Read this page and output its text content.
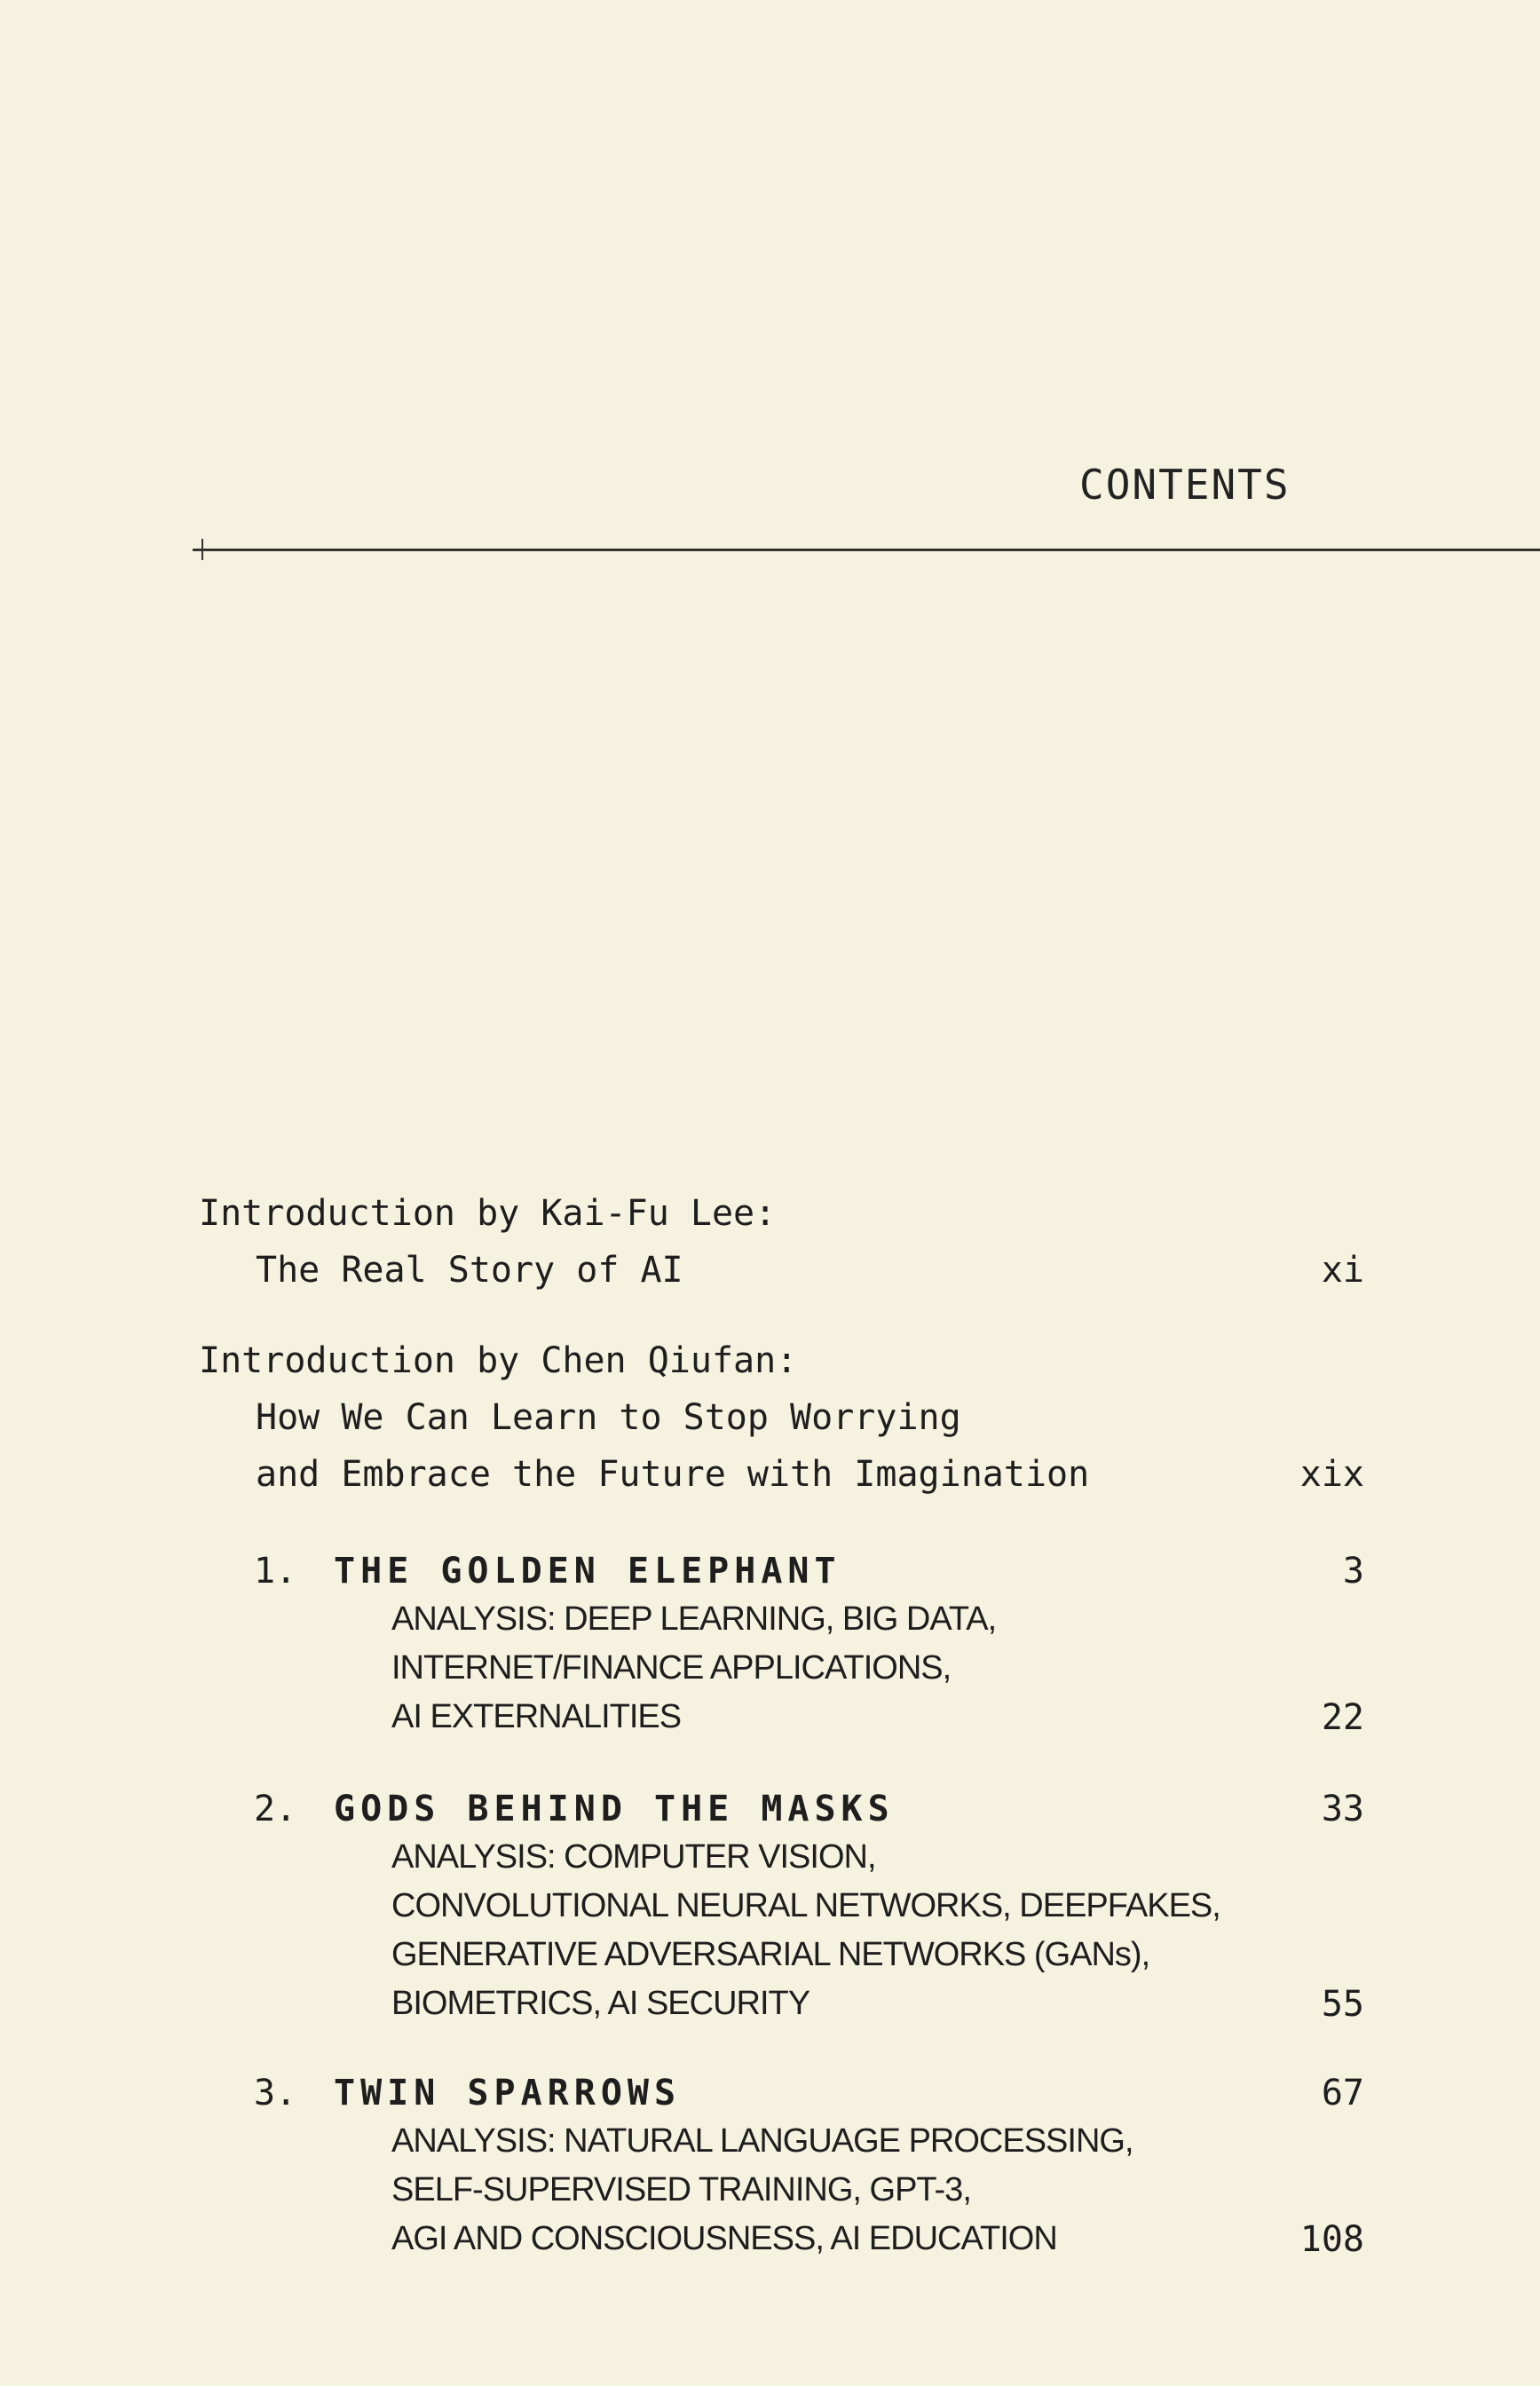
CONTENTS
Introduction by Kai-Fu Lee:
The Real Story of AI	xi
Introduction by Chen Qiufan:
How We Can Learn to Stop Worrying
and Embrace the Future with Imagination	xix
1. THE GOLDEN ELEPHANT	3
ANALYSIS: DEEP LEARNING, BIG DATA,
INTERNET/FINANCE APPLICATIONS,
AI EXTERNALITIES	22
2. GODS BEHIND THE MASKS	33
ANALYSIS: COMPUTER VISION,
CONVOLUTIONAL NEURAL NETWORKS, DEEPFAKES,
GENERATIVE ADVERSARIAL NETWORKS (GANs),
BIOMETRICS, AI SECURITY	55
3. TWIN SPARROWS	67
ANALYSIS: NATURAL LANGUAGE PROCESSING,
SELF-SUPERVISED TRAINING, GPT-3,
AGI AND CONSCIOUSNESS, AI EDUCATION	108
